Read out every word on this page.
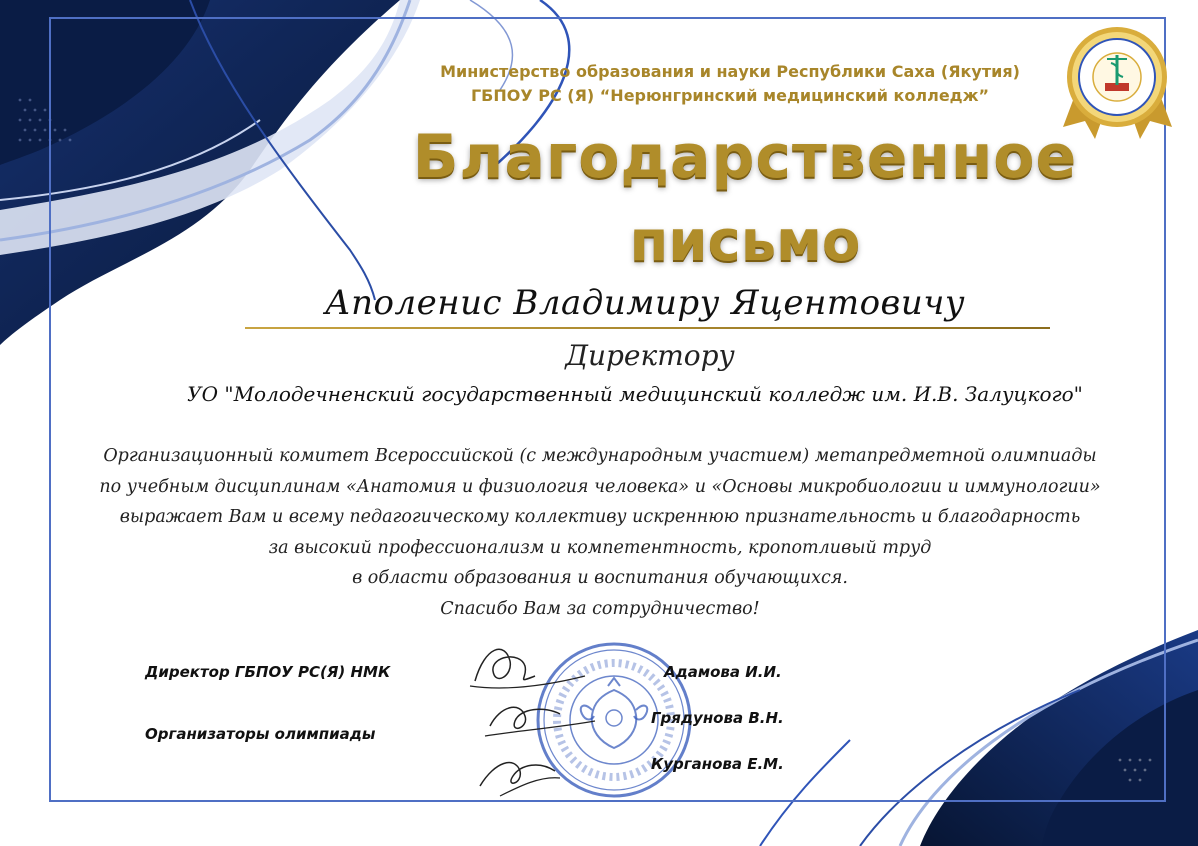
Министерство образования и науки Республики Саха (Якутия)
ГБПОУ РС (Я) “Нерюнгринский медицинский колледж”
Благодарственное
письмо
Аполенис Владимиру Яцентовичу
Директору
УО "Молодечненский государственный медицинский колледж им. И.В. Залуцкого"
Организационный комитет Всероссийской (с международным участием) метапредметной олимпиады
по учебным дисциплинам «Анатомия и физиология человека» и «Основы микробиологии и иммунологии»
выражает Вам и всему педагогическому коллективу искреннюю признательность и благодарность
за высокий профессионализм и компетентность, кропотливый труд
в области образования и воспитания обучающихся.
Спасибо Вам за сотрудничество!
Директор ГБПОУ РС(Я) НМК
Организаторы олимпиады
Адамова И.И.
Грядунова В.Н.
Курганова Е.М.
